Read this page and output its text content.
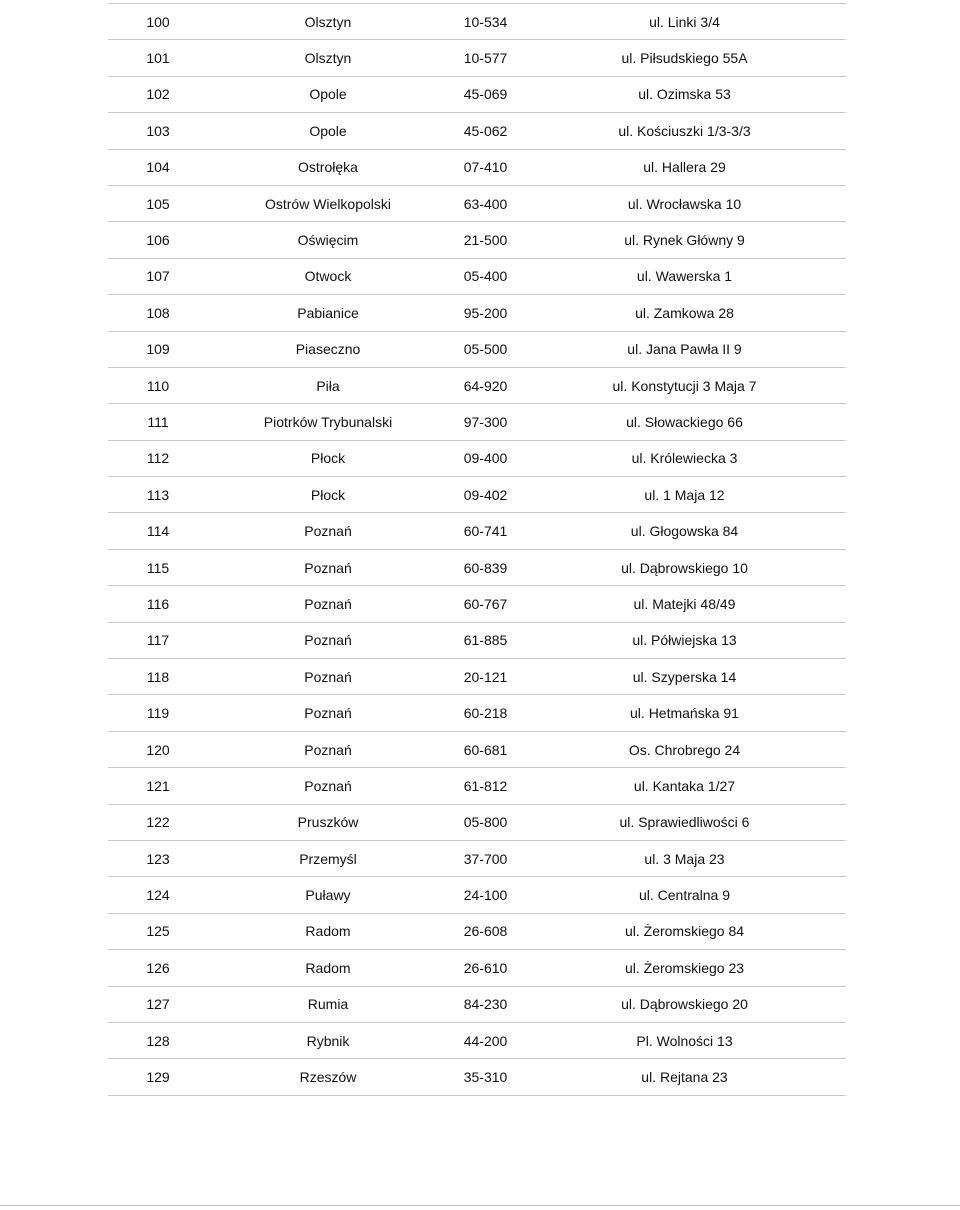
100	Olsztyn	10-534	ul. Linki 3/4
101	Olsztyn	10-577	ul. Piłsudskiego 55A
102	Opole	45-069	ul. Ozimska 53
103	Opole	45-062	ul. Kościuszki 1/3-3/3
104	Ostrołęka	07-410	ul. Hallera 29
105	Ostrów Wielkopolski	63-400	ul. Wrocławska 10
106	Oświęcim	21-500	ul. Rynek Główny 9
107	Otwock	05-400	ul. Wawerska 1
108	Pabianice	95-200	ul. Zamkowa 28
109	Piaseczno	05-500	ul. Jana Pawła II 9
110	Piła	64-920	ul. Konstytucji 3 Maja 7
111	Piotrków Trybunalski	97-300	ul. Słowackiego 66
112	Płock	09-400	ul. Królewiecka 3
113	Płock	09-402	ul. 1 Maja 12
114	Poznań	60-741	ul. Głogowska 84
115	Poznań	60-839	ul. Dąbrowskiego 10
116	Poznań	60-767	ul. Matejki 48/49
117	Poznań	61-885	ul. Półwiejska 13
118	Poznań	20-121	ul. Szyperska 14
119	Poznań	60-218	ul. Hetmańska 91
120	Poznań	60-681	Os. Chrobrego 24
121	Poznań	61-812	ul. Kantaka 1/27
122	Pruszków	05-800	ul. Sprawiedliwości 6
123	Przemyśl	37-700	ul. 3 Maja 23
124	Puławy	24-100	ul. Centralna 9
125	Radom	26-608	ul. Żeromskiego 84
126	Radom	26-610	ul. Żeromskiego 23
127	Rumia	84-230	ul. Dąbrowskiego 20
128	Rybnik	44-200	Pl. Wolności 13
129	Rzeszów	35-310	ul. Rejtana 23
